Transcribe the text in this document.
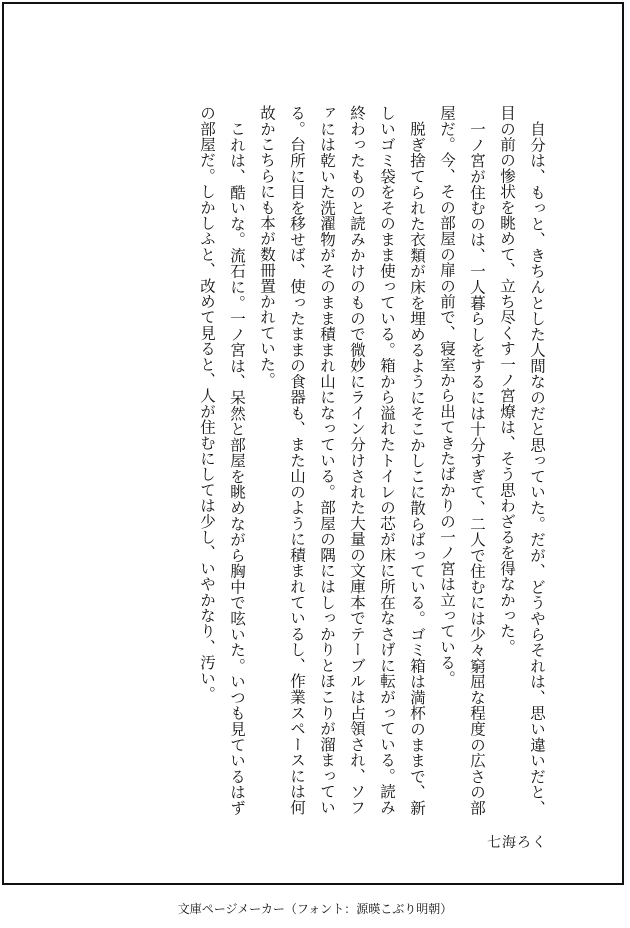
自分は、もっと、きちんとした人間なのだと思っていた。だが、どうやらそれは、思い違いだと、目の前の惨状を眺めて、立ち尽くす一ノ宮燎は、そう思わざるを得なかった。

一ノ宮が住むのは、一人暮らしをするには十分すぎて、二人で住むには少々窮屈な程度の広さの部屋だ。今、その部屋の扉の前で、寝室から出てきたばかりの一ノ宮は立っている。

脱ぎ捨てられた衣類が床を埋めるようにそこかしこに散らばっている。ゴミ箱は満杯のままで、新しいゴミ袋をそのまま使っている。箱から溢れたトイレの芯が床に所在なさげに転がっている。読み終わったものと読みかけのもので微妙にライン分けされた大量の文庫本でテーブルは占領され、ソファには乾いた洗濯物がそのまま積まれ山になっている。部屋の隅にはしっかりとほこりが溜まっている。台所に目を移せば、使ったままの食器も、また山のように積まれているし、作業スペースには何故かこちらにも本が数冊置かれていた。

これは、酷いな。流石に。一ノ宮は、呆然と部屋を眺めながら胸中で呟いた。いつも見ているはずの部屋だ。しかしふと、改めて見ると、人が住むにしては少し、いやかなり、汚い。

七海ろく
文庫ページメーカー（フォント：源暎こぶり明朝）
